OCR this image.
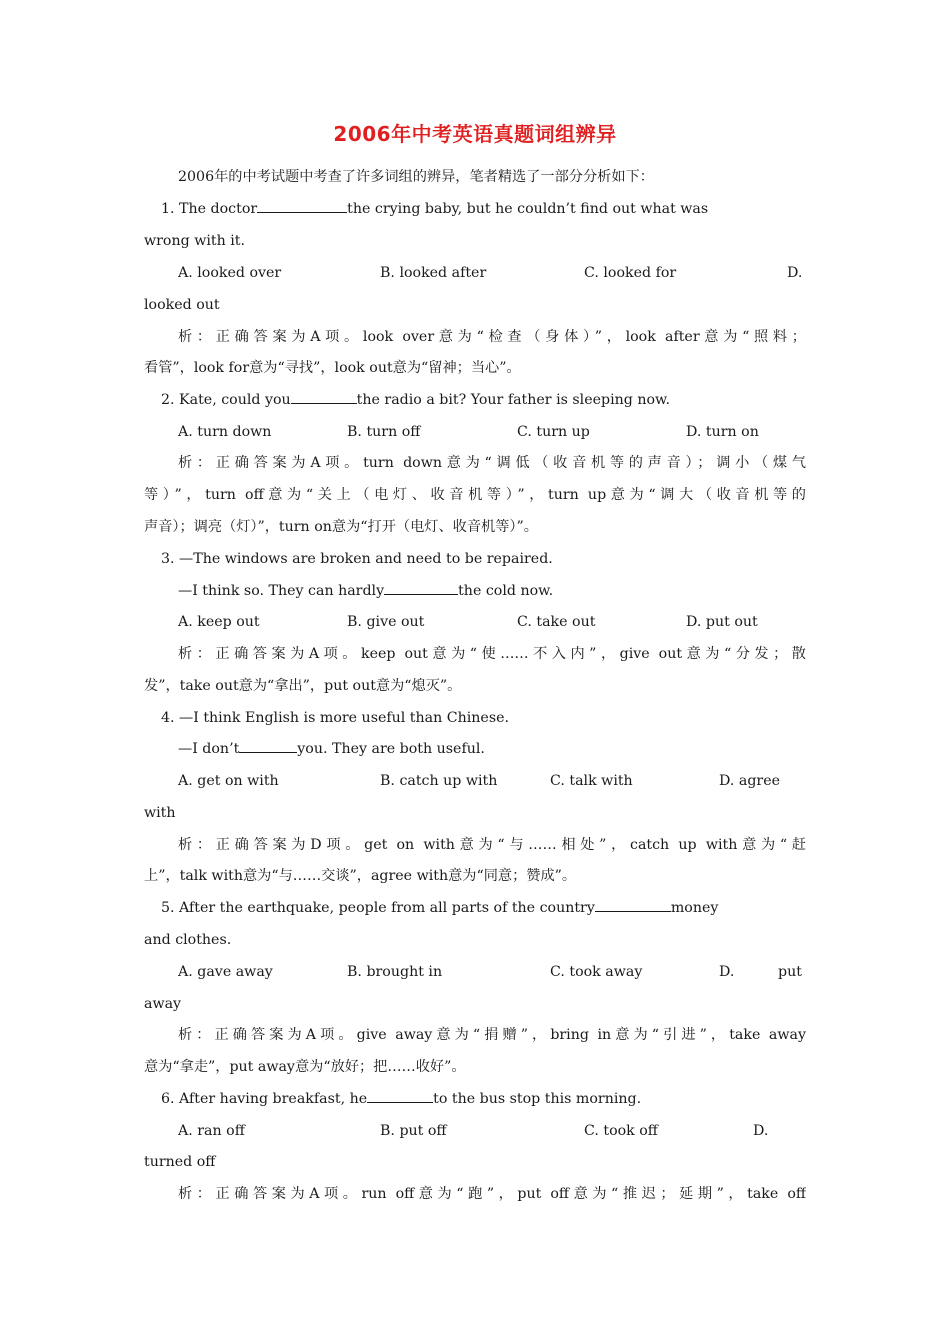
2006年中考英语真题词组辨异
2006年的中考试题中考查了许多词组的辨异，笔者精选了一部分分析如下：
1. The doctor	the crying baby, but he couldn’t find out what was
wrong with it.
A. looked over	B. looked after	C. looked for	D.
looked out
析：正确答案为A项。look over意为“检查（身体）”，look after意为“照料；
看管”，look for意为“寻找”，look out意为“留神；当心”。
2. Kate, could you	the radio a bit? Your father is sleeping now.
A. turn down	B. turn off	C. turn up	D. turn on
析：正确答案为A项。turn down意为“调低（收音机等的声音）；调小（煤气
等）”，turn off意为“关上（电灯、收音机等）”，turn up意为“调大（收音机等的
声音）；调亮（灯）”，turn on意为“打开（电灯、收音机等）”。
3. —The windows are broken and need to be repaired.
—I think so. They can hardly	the cold now.
A. keep out	B. give out	C. take out	D. put out
析：正确答案为A项。keep out意为“使……不入内”，give out意为“分发；散
发”，take out意为“拿出”，put out意为“熄灭”。
4. —I think English is more useful than Chinese.
—I don’t	you. They are both useful.
A. get on with	B. catch up with	C. talk with	D. agree
with
析：正确答案为D项。get on with意为“与……相处”，catch up with意为“赶
上”，talk with意为“与……交谈”，agree with意为“同意；赞成”。
5. After the earthquake, people from all parts of the country	money
and clothes.
A. gave away	B. brought in	C. took away	D.	put
away
析：正确答案为A项。give away意为“捐赠”，bring in意为“引进”，take away
意为“拿走”，put away意为“放好；把……收好”。
6. After having breakfast, he	to the bus stop this morning.
A. ran off	B. put off	C. took off	D.
turned off
析：正确答案为A项。run off意为“跑”，put off意为“推迟；延期”，take off
